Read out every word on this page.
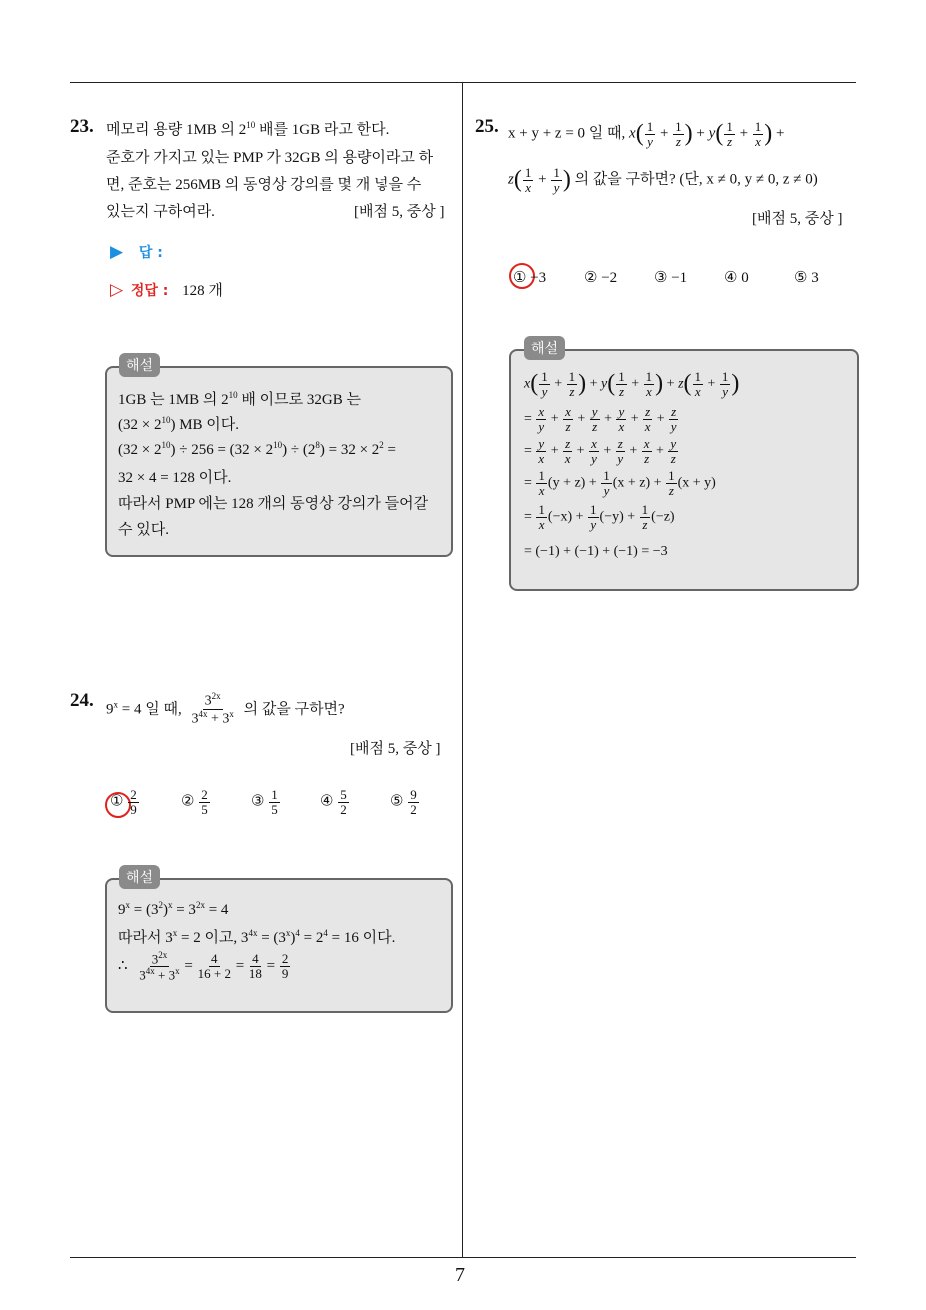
7
23. 메모리 용량 1MB 의 $2^{10}$ 배를 1GB 라고 한다.
준호가 가지고 있는 PMP 가 32GB 의 용량이라고 하
면, 준호는 256MB 의 동영상 강의를 몇 개 넣을 수
있는지 구하여라.	[배점 5, 중상 ]
▶ 답 :
▷ 정답 : 128 개
해설
1GB 는 1MB 의 $2^{10}$ 배 이므로 32GB 는
$(32 \times 2^{10})$ MB 이다.
$(32 \times 2^{10}) \div 256 = (32 \times 2^{10}) \div (2^8) = 32 \times 2^2$ =
32 × 4 = 128 이다.
따라서 PMP 에는 128 개의 동영상 강의가 들어갈
수 있다.
24. $9^x = 4$ 일 때, $\frac{3^{2x}}{3^{4x} + 3^x}$ 의 값을 구하면?
[배점 5, 중상 ]
① $\frac{2}{9}$	② $\frac{2}{5}$	③ $\frac{1}{5}$	④ $\frac{5}{2}$	⑤ $\frac{9}{2}$
해설
$9^x = (3^2)^x = 3^{2x} = 4$
따라서 $3^x = 2$ 이고, $3^{4x} = (3^x)^4 = 2^4 = 16$ 이다.
∴ $\frac{3^{2x}}{3^{4x} + 3^x} = \frac{4}{16 + 2} = \frac{4}{18} = \frac{2}{9}$
25. x + y + z = 0 일 때, $x( \frac{1}{y} + \frac{1}{z}$ ) + $y( \frac{1}{z} + \frac{1}{x}$ ) +
$z( \frac{1}{x} + \frac{1}{y}$ ) 의 값을 구하면? (단, x ≠ 0, y ≠ 0, z ≠ 0)
[배점 5, 중상 ]
① −3	② −2 ③ −1 ④ 0	⑤ 3
해설
$x( \frac{1}{y} + \frac{1}{z}$ ) + $y( \frac{1}{z} + \frac{1}{x}$ ) + $z( \frac{1}{x} + \frac{1}{y}$ )
= $\frac{x}{y} + \frac{x}{z} + \frac{y}{z} + \frac{y}{x} + \frac{z}{x} + \frac{z}{y}$
= $\frac{y}{x} + \frac{z}{x} + \frac{x}{y} + \frac{z}{y} + \frac{x}{z} + \frac{y}{z}$
= $\frac{1}{x} (y + z) + \frac{1}{y} (x + z) + \frac{1}{z} (x + y)$
= $\frac{1}{x} (-x) + \frac{1}{y} (-y) + \frac{1}{z} (-z)$
= (−1) + (−1) + (−1) = −3
